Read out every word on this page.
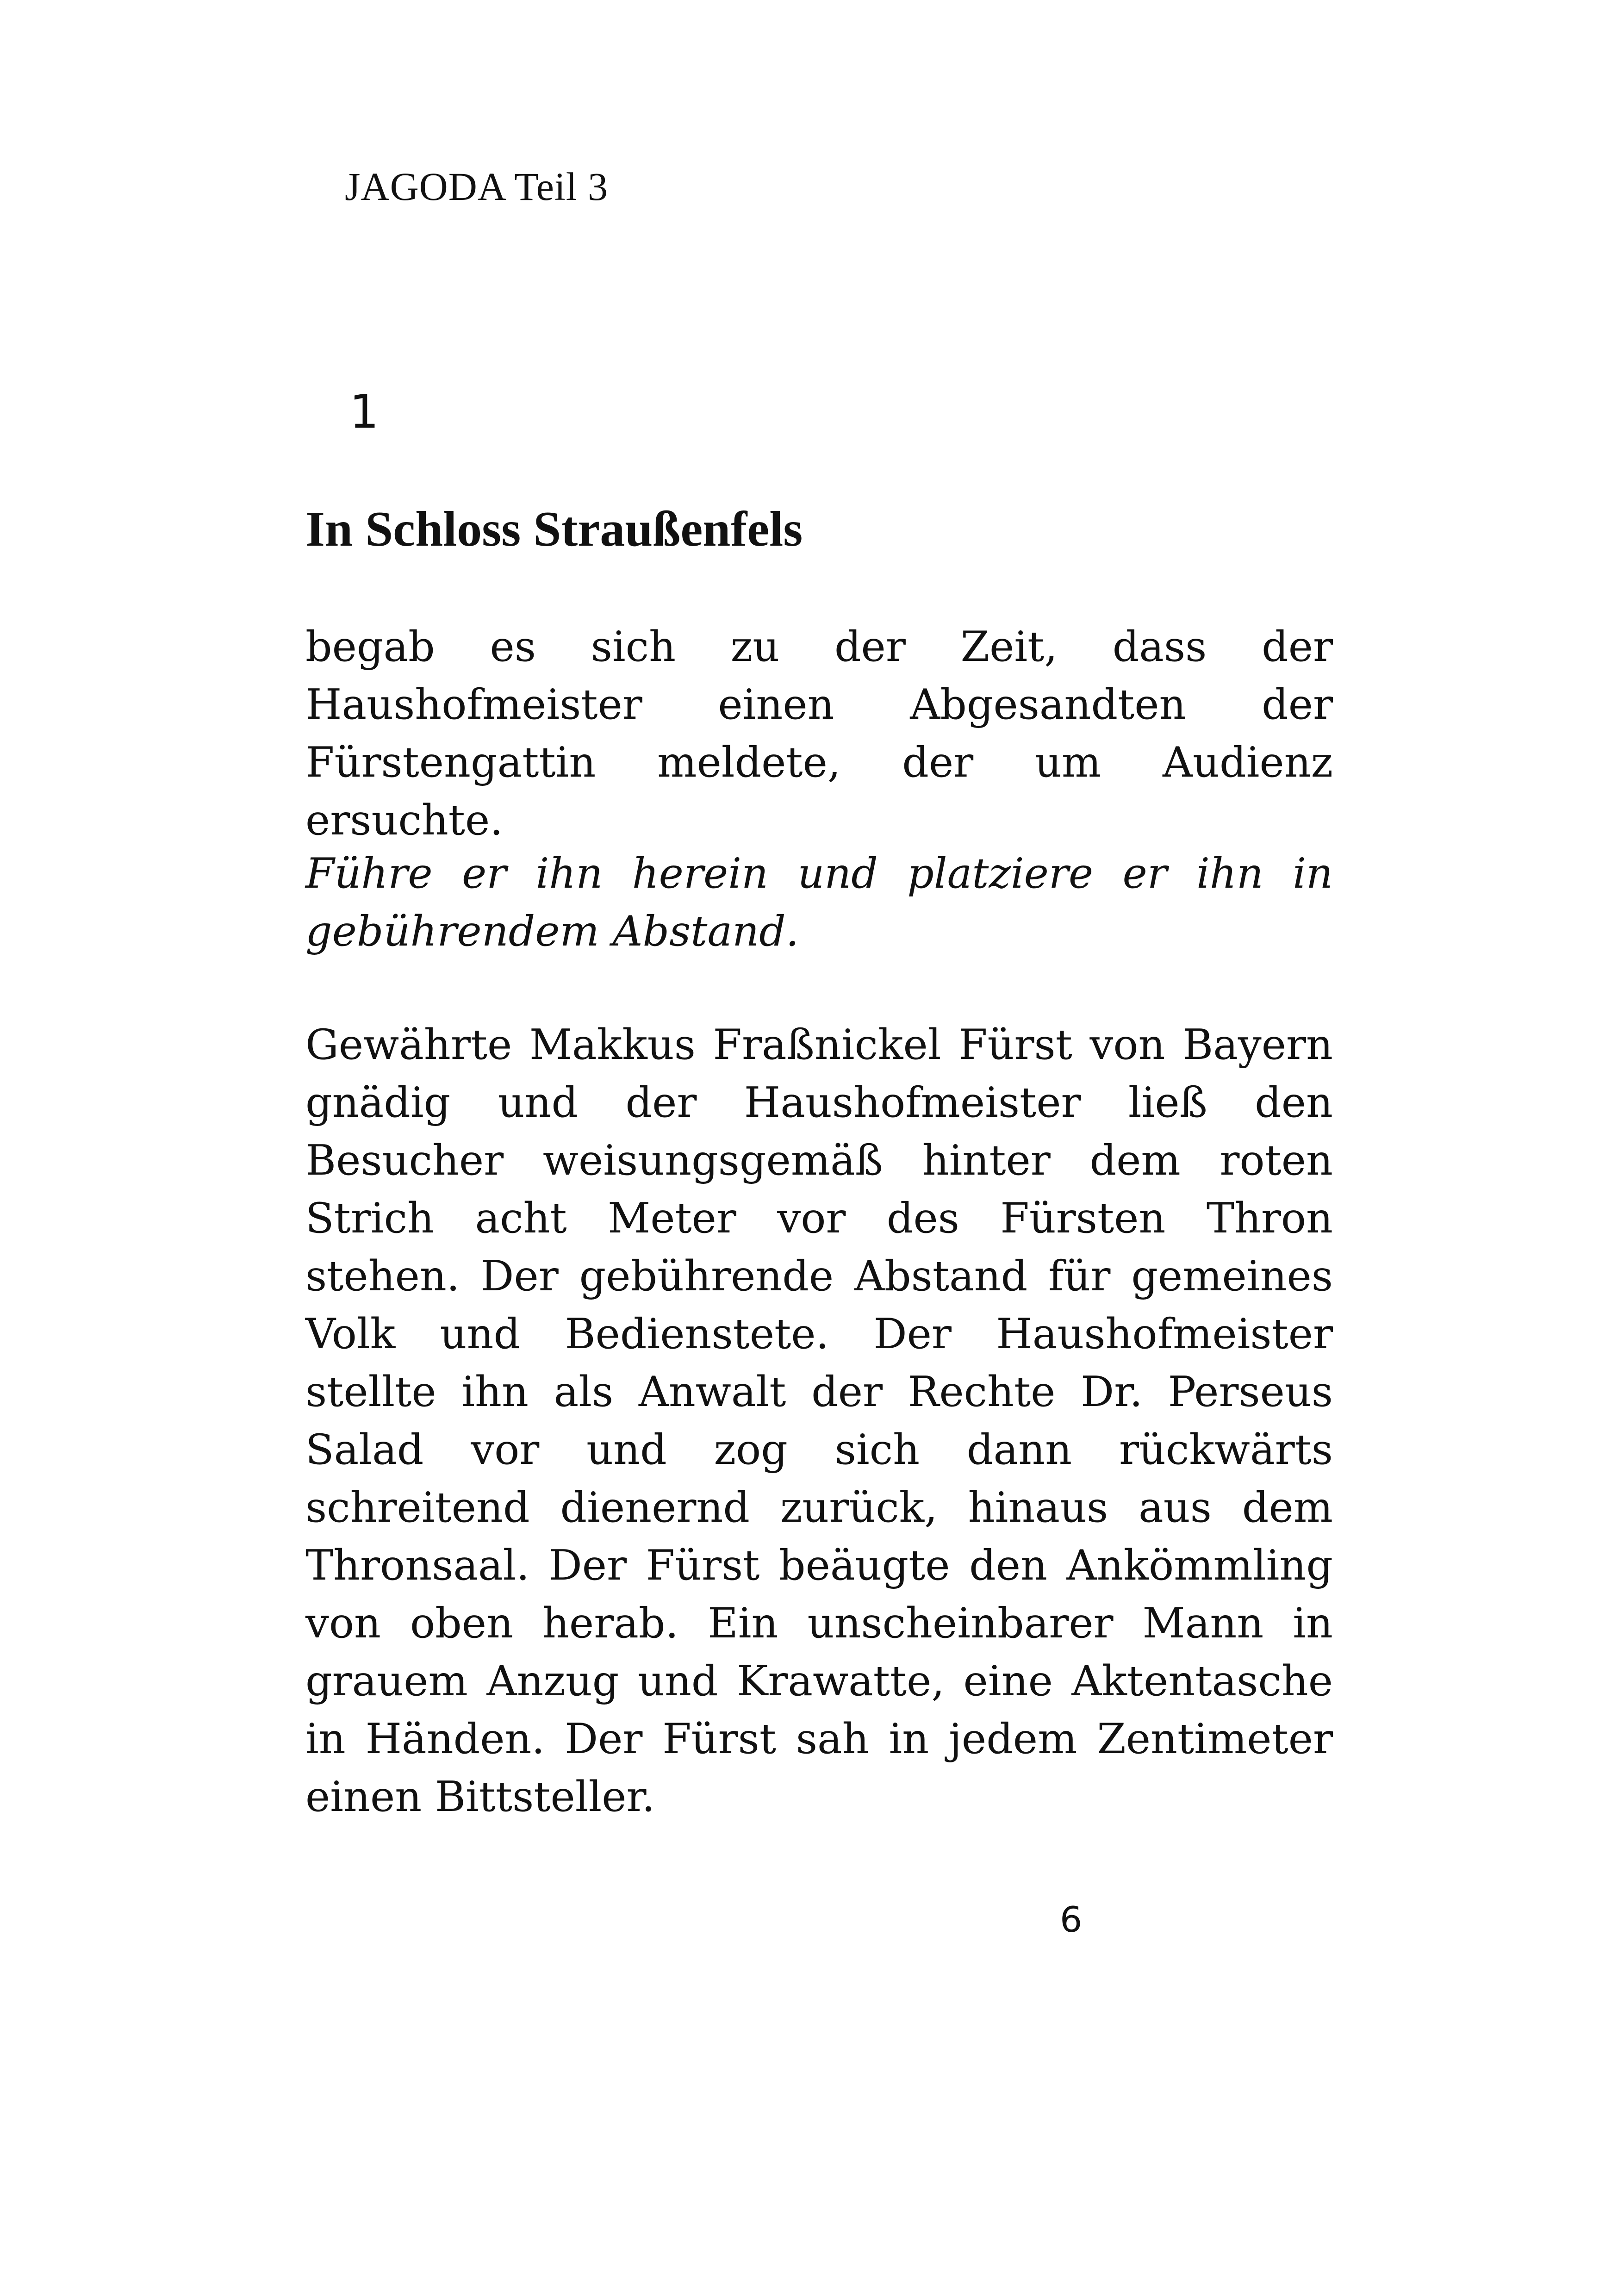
JAGODA Teil 3
1
In Schloss Straußenfels

begab es sich zu der Zeit, dass der Haushofmeister einen Abgesandten der Fürstengattin meldete, der um Audienz ersuchte.

Führe er ihn herein und platziere er ihn in gebührendem Abstand.

Gewährte Makkus Fraßnickel Fürst von Bayern gnädig und der Haushofmeister ließ den Besucher weisungsgemäß hinter dem roten Strich acht Meter vor des Fürsten Thron stehen. Der gebührende Abstand für gemeines Volk und Bedienstete. Der Haushofmeister stellte ihn als Anwalt der Rechte Dr. Perseus Salad vor und zog sich dann rückwärts schreitend dienernd zurück, hinaus aus dem Thronsaal. Der Fürst beäugte den Ankömmling von oben herab. Ein unscheinbarer Mann in grauem Anzug und Krawatte, eine Aktentasche in Händen. Der Fürst sah in jedem Zentimeter einen Bittsteller.

6
